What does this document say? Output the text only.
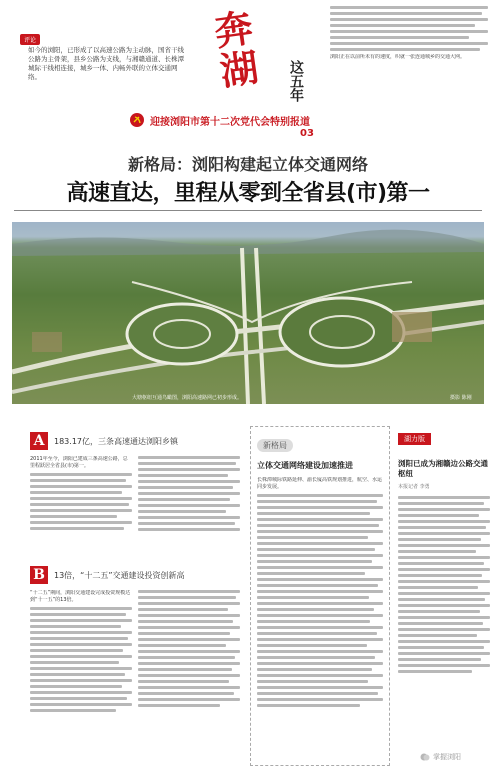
评论
如今的浏阳，已形成了以高速公路为主动脉，国省干线公路为主骨架，县乡公路为支线，与湘赣通道、长株潭城际干线相连接，城乡一体、内畅外联的立体交通网络。	奔湖 这五年
浏阳正在以前所未有的速度，织就一张连通城乡的交通大网。
迎接浏阳市第十二次党代会特别报道
03
新格局：浏阳构建起立体交通网络
高速直达，里程从零到全省县(市)第一
大塘枢纽互通鸟瞰图，浏阳高速路网已初步形成。	摄影 陈刚
A	183.17亿，三条高速通达浏阳乡镇
2011年至今，浏阳已建成三条高速公路，总里程跃居全省县(市)第一。
B	13倍，“十二五”交通建设投资创新高
“十二五”期间，浏阳交通建设完成投资规模达到“十一五”的13倍。
新格局
立体交通网络建设加速推进
长株潭城际铁路延伸、渝长厦高铁规划推进，航空、水运同步发展。
湖力版
浏阳已成为湘赣边公路交通枢纽
本报记者 李勇
掌握浏阳
